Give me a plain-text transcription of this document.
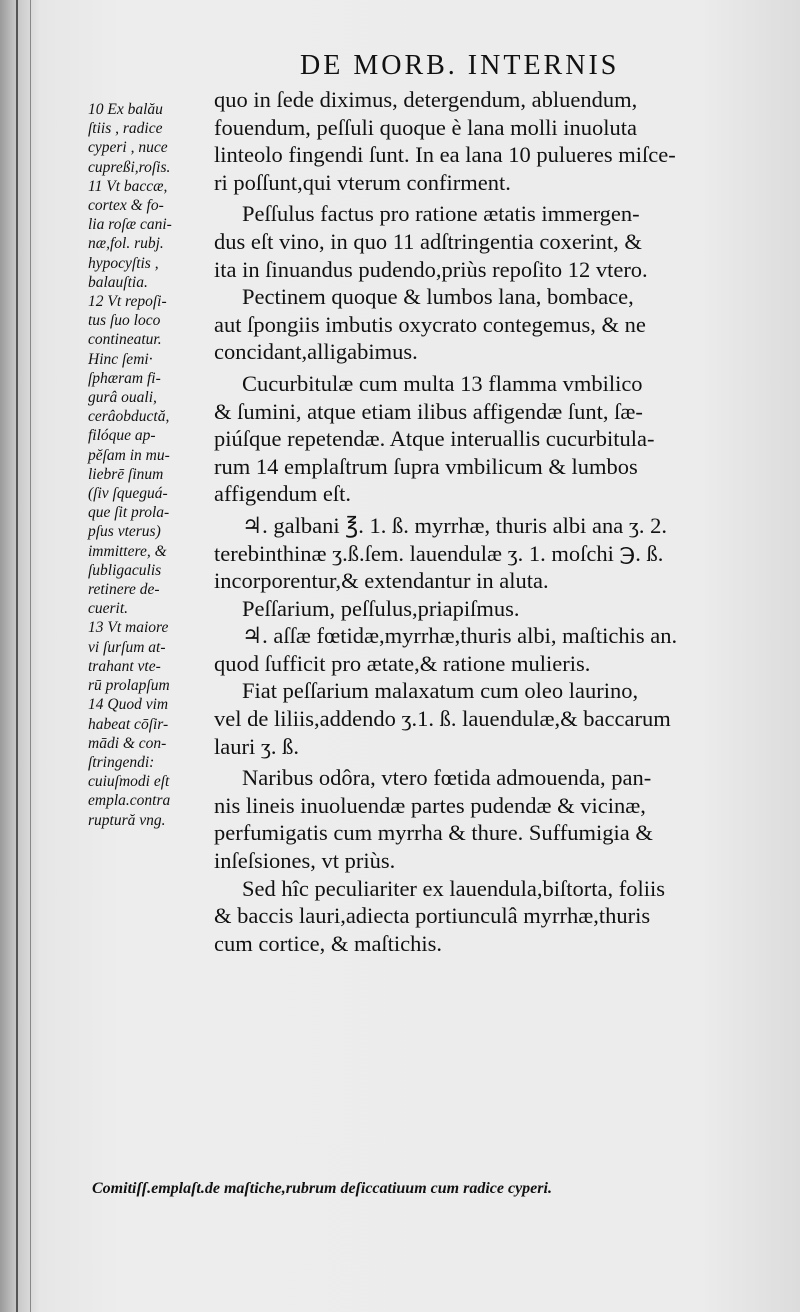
DE MORB. INTERNIS
10 Ex balău
ſtiis , radice
cyperi , nuce
cupreßi,roſis.
11 Vt baccæ,
cortex & fo-
lia roſæ cani-
næ,fol. rubj.
hypocyſtis ,
balauſtia.
12 Vt repoſi-
tus ſuo loco
contineatur.
Hinc ſemi·
ſphæram fi-
gurâ ouali,
cerâobductă,
filóque ap-
pĕſam in mu-
liebrē ſinum
(ſiv ſqueguá-
que ſit prola-
pſus vterus)
immittere, &
ſubligaculis
retinere de-
cuerit.
13 Vt maiore
vi ſurſum at-
trahant vte-
rū prolapſum
14 Quod vim
habeat cōſir-
mādi & con-
ſtringendi:
cuiuſmodi eſt
empla.contra
ruptură vng.
quo in ſede diximus, detergendum, abluendum,
fouendum, peſſuli quoque è lana molli inuoluta
linteolo fingendi ſunt. In ea lana 10 pulueres miſce-
ri poſſunt,qui vterum confirment.
Peſſulus factus pro ratione ætatis immergen-
dus eſt vino, in quo 11 adſtringentia coxerint, &
ita in ſinuandus pudendo,priùs repoſito 12 vtero.
Pectinem quoque & lumbos lana, bombace,
aut ſpongiis imbutis oxycrato contegemus, & ne
concidant,alligabimus.
Cucurbitulæ cum multa 13 flamma vmbilico
& ſumini, atque etiam ilibus affigendæ ſunt, ſæ-
piúſque repetendæ. Atque interuallis cucurbitula-
rum 14 emplaſtrum ſupra vmbilicum & lumbos
affigendum eſt.
♃. galbani ℥. 1. ß. myrrhæ, thuris albi ana ʒ. 2.
terebinthinæ ʒ.ß.ſem. lauendulæ ʒ. 1. moſchi ℈. ß.
incorporentur,& extendantur in aluta.
Peſſarium, peſſulus,priapiſmus.
♃. aſſæ fœtidæ,myrrhæ,thuris albi, maſtichis an.
quod ſufficit pro ætate,& ratione mulieris.
Fiat peſſarium malaxatum cum oleo laurino,
vel de liliis,addendo ʒ.1. ß. lauendulæ,& baccarum
lauri ʒ. ß.
Naribus odôra, vtero fœtida admouenda, pan-
nis lineis inuoluendæ partes pudendæ & vicinæ,
perfumigatis cum myrrha & thure. Suffumigia &
inſeſsiones, vt priùs.
Sed hîc peculiariter ex lauendula,biſtorta, foliis
& baccis lauri,adiecta portiunculâ myrrhæ,thuris
cum cortice, & maſtichis.
Comitiſſ.emplaſt.de maſtiche,rubrum deſiccatiuum cum radice cyperi.
